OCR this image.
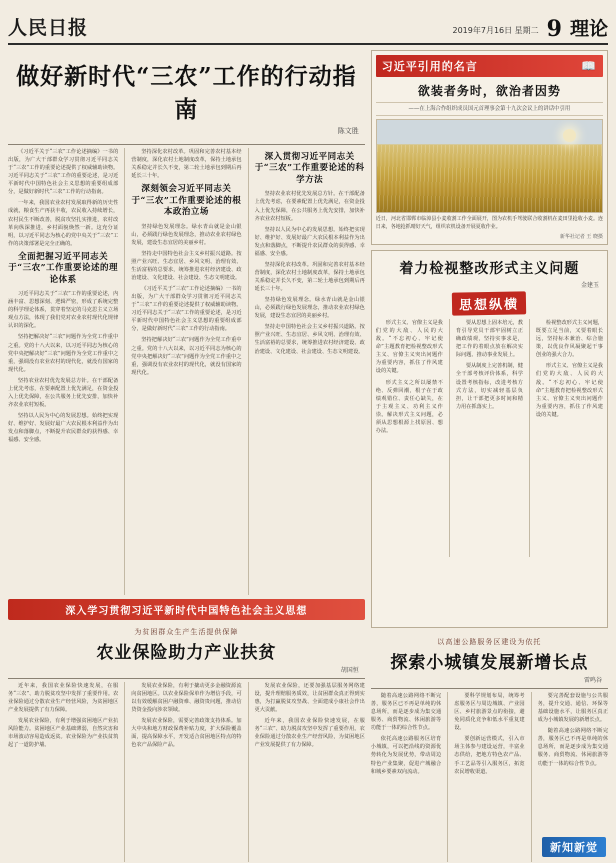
人民日报	2019年7月16日 星期二 9 理论
做好新时代“三农”工作的行动指南
陈文胜

《习近平关于“三农”工作论述摘编》一书的出版，为广大干部群众学习贯彻习近平同志关于“三农”工作的重要论述提供了权威辅助读物。习近平同志关于“三农”工作的重要论述，是习近平新时代中国特色社会主义思想的重要组成部分，是做好新时代“三农”工作的行动指南。

一年来，我国农业农村发展取得新的历史性成就，粮食生产再获丰收，农民收入持续增长，农村民生不断改善，脱贫攻坚扎实推进，农村改革向纵深推进，乡村面貌焕然一新。这充分证明，以习近平同志为核心的党中央关于“三农”工作的决策部署是完全正确的。

全面把握习近平同志关于“三农”工作重要论述的理论体系

习近平同志关于“三农”工作的重要论述，内涵丰富、思想深刻、逻辑严密，形成了系统完整的科学理论体系，贯穿着坚定的马克思主义立场观点方法，体现了我们党对农业农村现代化规律认识的深化。

坚持把解决好“三农”问题作为全党工作重中之重。党的十八大以来，以习近平同志为核心的党中央把解决好“三农”问题作为全党工作重中之重，强调没有农业农村的现代化，就没有国家的现代化。

坚持农业农村优先发展总方针。在干部配备上优先考虑，在要素配置上优先满足，在资金投入上优先保障，在公共服务上优先安排，加快补齐农业农村短板。

坚持以人民为中心的发展思想。始终把实现好、维护好、发展好最广大农民根本利益作为出发点和落脚点，不断提升农民群众的获得感、幸福感、安全感。

坚持深化农村改革。巩固和完善农村基本经营制度，深化农村土地制度改革，保持土地承包关系稳定并长久不变，第二轮土地承包到期后再延长三十年。

深刻领会习近平同志关于“三农”工作重要论述的根本政治立场

坚持绿色发展理念。绿水青山就是金山银山，必须践行绿色发展理念，推动农业农村绿色发展，建设生态宜居的美丽乡村。

坚持走中国特色社会主义乡村振兴道路。按照产业兴旺、生态宜居、乡风文明、治理有效、生活富裕的总要求，统筹推进农村经济建设、政治建设、文化建设、社会建设、生态文明建设。

《习近平关于“三农”工作论述摘编》一书的出版，为广大干部群众学习贯彻习近平同志关于“三农”工作的重要论述提供了权威辅助读物。习近平同志关于“三农”工作的重要论述，是习近平新时代中国特色社会主义思想的重要组成部分，是做好新时代“三农”工作的行动指南。

坚持把解决好“三农”问题作为全党工作重中之重。党的十八大以来，以习近平同志为核心的党中央把解决好“三农”问题作为全党工作重中之重，强调没有农业农村的现代化，就没有国家的现代化。

深入贯彻习近平同志关于“三农”工作重要论述的科学方法

坚持农业农村优先发展总方针。在干部配备上优先考虑，在要素配置上优先满足，在资金投入上优先保障，在公共服务上优先安排，加快补齐农业农村短板。

坚持以人民为中心的发展思想。始终把实现好、维护好、发展好最广大农民根本利益作为出发点和落脚点，不断提升农民群众的获得感、幸福感、安全感。

坚持深化农村改革。巩固和完善农村基本经营制度，深化农村土地制度改革，保持土地承包关系稳定并长久不变，第二轮土地承包到期后再延长三十年。

坚持绿色发展理念。绿水青山就是金山银山，必须践行绿色发展理念，推动农业农村绿色发展，建设生态宜居的美丽乡村。

坚持走中国特色社会主义乡村振兴道路。按照产业兴旺、生态宜居、乡风文明、治理有效、生活富裕的总要求，统筹推进农村经济建设、政治建设、文化建设、社会建设、生态文明建设。

深入学习贯彻习近平新时代中国特色社会主义思想
为贫困群众生产生活提供保障
农业保险助力产业扶贫
胡国恒

近年来，我国农业保险快速发展，在服务“三农”、助力脱贫攻坚中发挥了重要作用。农业保险通过分散农业生产经营风险，为贫困地区产业发展提供了有力保障。

发展农业保险，有利于增强贫困地区产业抗风险能力。贫困地区产业基础薄弱，自然灾害和市场波动容易造成返贫。农业保险为产业扶贫筑起了一道防护墙。

发展农业保险，有利于撬动更多金融资源流向贫困地区。以农业保险保单作为增信手段，可以有效缓解贫困户融资难、融资贵问题，推动信贷资金投向涉农领域。

发展农业保险，需要完善政策支持体系。加大中央和地方财政保费补贴力度，扩大保险覆盖面，提高保障水平，开发适合贫困地区特点的特色农产品保险产品。

发展农业保险，还要加强基层服务网络建设，提升理赔服务质效，让贫困群众真正得到实惠，为打赢脱贫攻坚战、全面建成小康社会作出更大贡献。

近年来，我国农业保险快速发展，在服务“三农”、助力脱贫攻坚中发挥了重要作用。农业保险通过分散农业生产经营风险，为贫困地区产业发展提供了有力保障。

习近平引用的名言	📖
欲装者务时，欲治者因势
——在上海合作组织成员国元首理事会第十九次会议上的讲话中引用
近日，河北省邯郸市临漳县小麦收割工作全面展开，图为农机手驾驶联合收割机在麦田里抢收小麦。连日来，各地抢抓晴好天气，组织农机设备开展夏收作业。
新华社记者 王 晓摄
着力检视整改形式主义问题
金建玉
思想纵横

形式主义、官僚主义是我们党的大敌、人民的大敌。“不忘初心、牢记使命”主题教育把检视整改形式主义、官僚主义突出问题作为重要内容，抓住了作风建设的关键。

形式主义之所以屡禁不绝、反弹回潮，根子在于政绩观错位、责任心缺失，在于主观主义、功利主义作祟。解决形式主义问题，必须从思想根源上找原因、想办法。

要从思想上固本培元，教育引导党员干部牢固树立正确政绩观，坚持实事求是，把工作的着眼点放在解决实际问题、推动事业发展上。

要从制度上完善机制，健全干部考核评价体系，科学设置考核指标，改进考核方式方法，切实减轻基层负担，让干部把更多时间和精力用在抓落实上。

检视整改形式主义问题，既要立足当前，又要着眼长远，坚持标本兼治、综合施策，以优良作风凝聚起干事创业的强大合力。

形式主义、官僚主义是我们党的大敌、人民的大敌。“不忘初心、牢记使命”主题教育把检视整改形式主义、官僚主义突出问题作为重要内容，抓住了作风建设的关键。

以高速公路服务区建设为依托
探索小城镇发展新增长点
雷鸣谷

随着高速公路网络不断完善，服务区已不再是单纯的休息场所，而是逐步成为集交通服务、商贸物流、休闲旅游等功能于一体的综合性节点。

依托高速公路服务区培育小城镇，可以把沿线的资源优势转化为发展优势，带动周边特色产业集聚，促进产城融合和城乡要素双向流动。

要科学规划布局，统筹考虑服务区与周边城镇、产业园区、乡村旅游景点的衔接，避免同质化竞争和低水平重复建设。

要创新运营模式，引入市场主体参与建设运营，丰富业态供给，把地方特色农产品、手工艺品等引入服务区，拓宽农民增收渠道。

要完善配套设施与公共服务，提升交通、通信、环保等基础设施水平，让服务区真正成为小城镇发展的新增长点。

随着高速公路网络不断完善，服务区已不再是单纯的休息场所，而是逐步成为集交通服务、商贸物流、休闲旅游等功能于一体的综合性节点。

新知新觉
